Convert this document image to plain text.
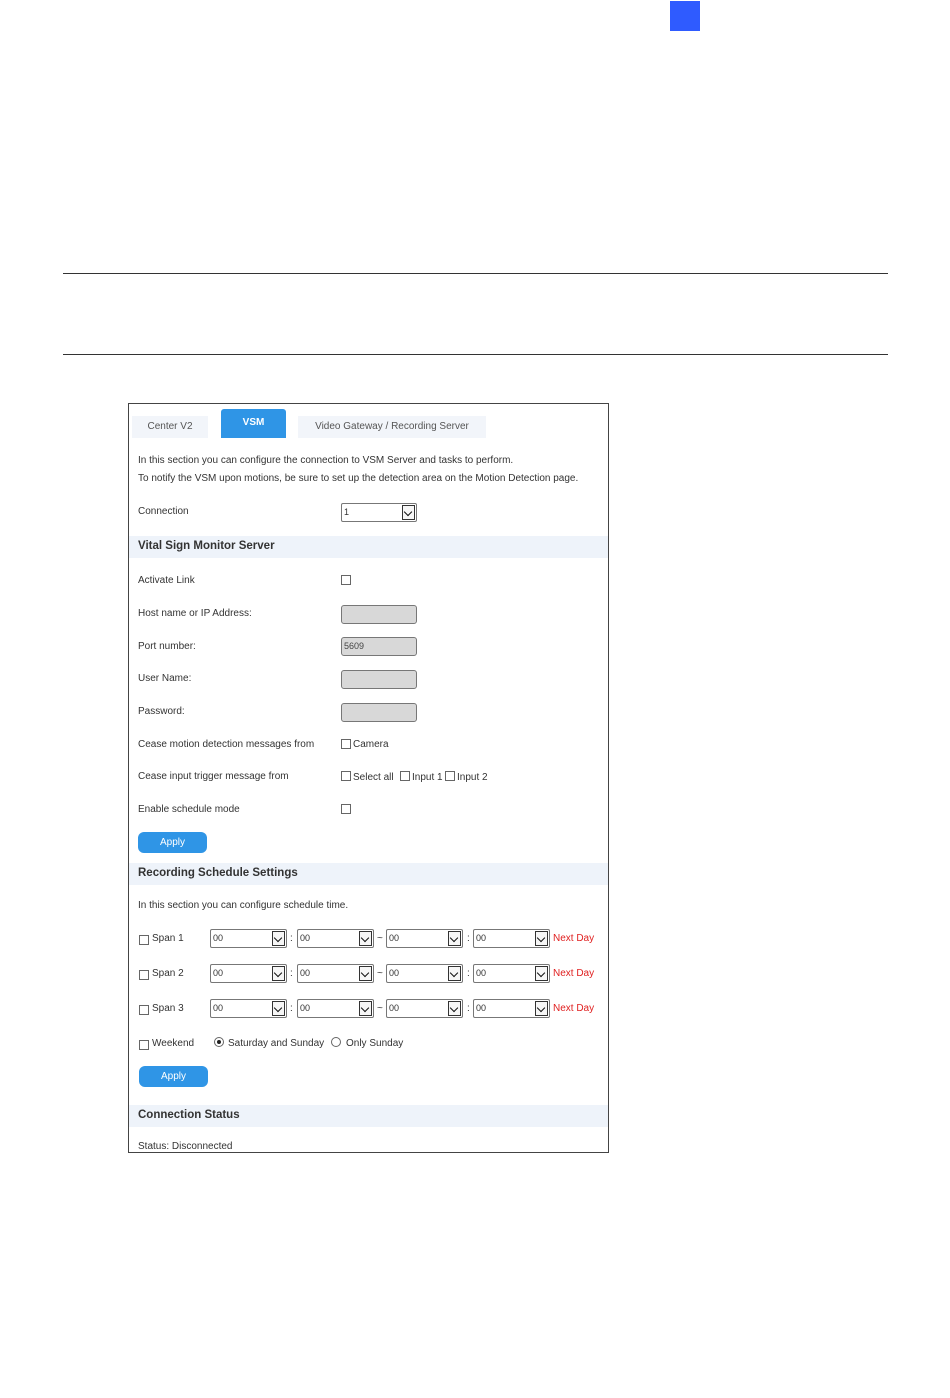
Center V2	VSM	Video Gateway / Recording Server
In this section you can configure the connection to VSM Server and tasks to perform.
To notify the VSM upon motions, be sure to set up the detection area on the Motion Detection page.
Connection	1
Vital Sign Monitor Server
Activate Link
Host name or IP Address:
Port number:	5609
User Name:
Password:
Cease motion detection messages from	Camera
Cease input trigger message from	Select all Input 1 Input 2
Enable schedule mode
Apply
Recording Schedule Settings
In this section you can configure schedule time.
Span 1	00	: 00	~ 00	: 00	Next Day
Span 2	00	: 00	~ 00	: 00	Next Day
Span 3	00	: 00	~ 00	: 00	Next Day
Weekend	Saturday and Sunday Only Sunday
Apply
Connection Status
Status: Disconnected
